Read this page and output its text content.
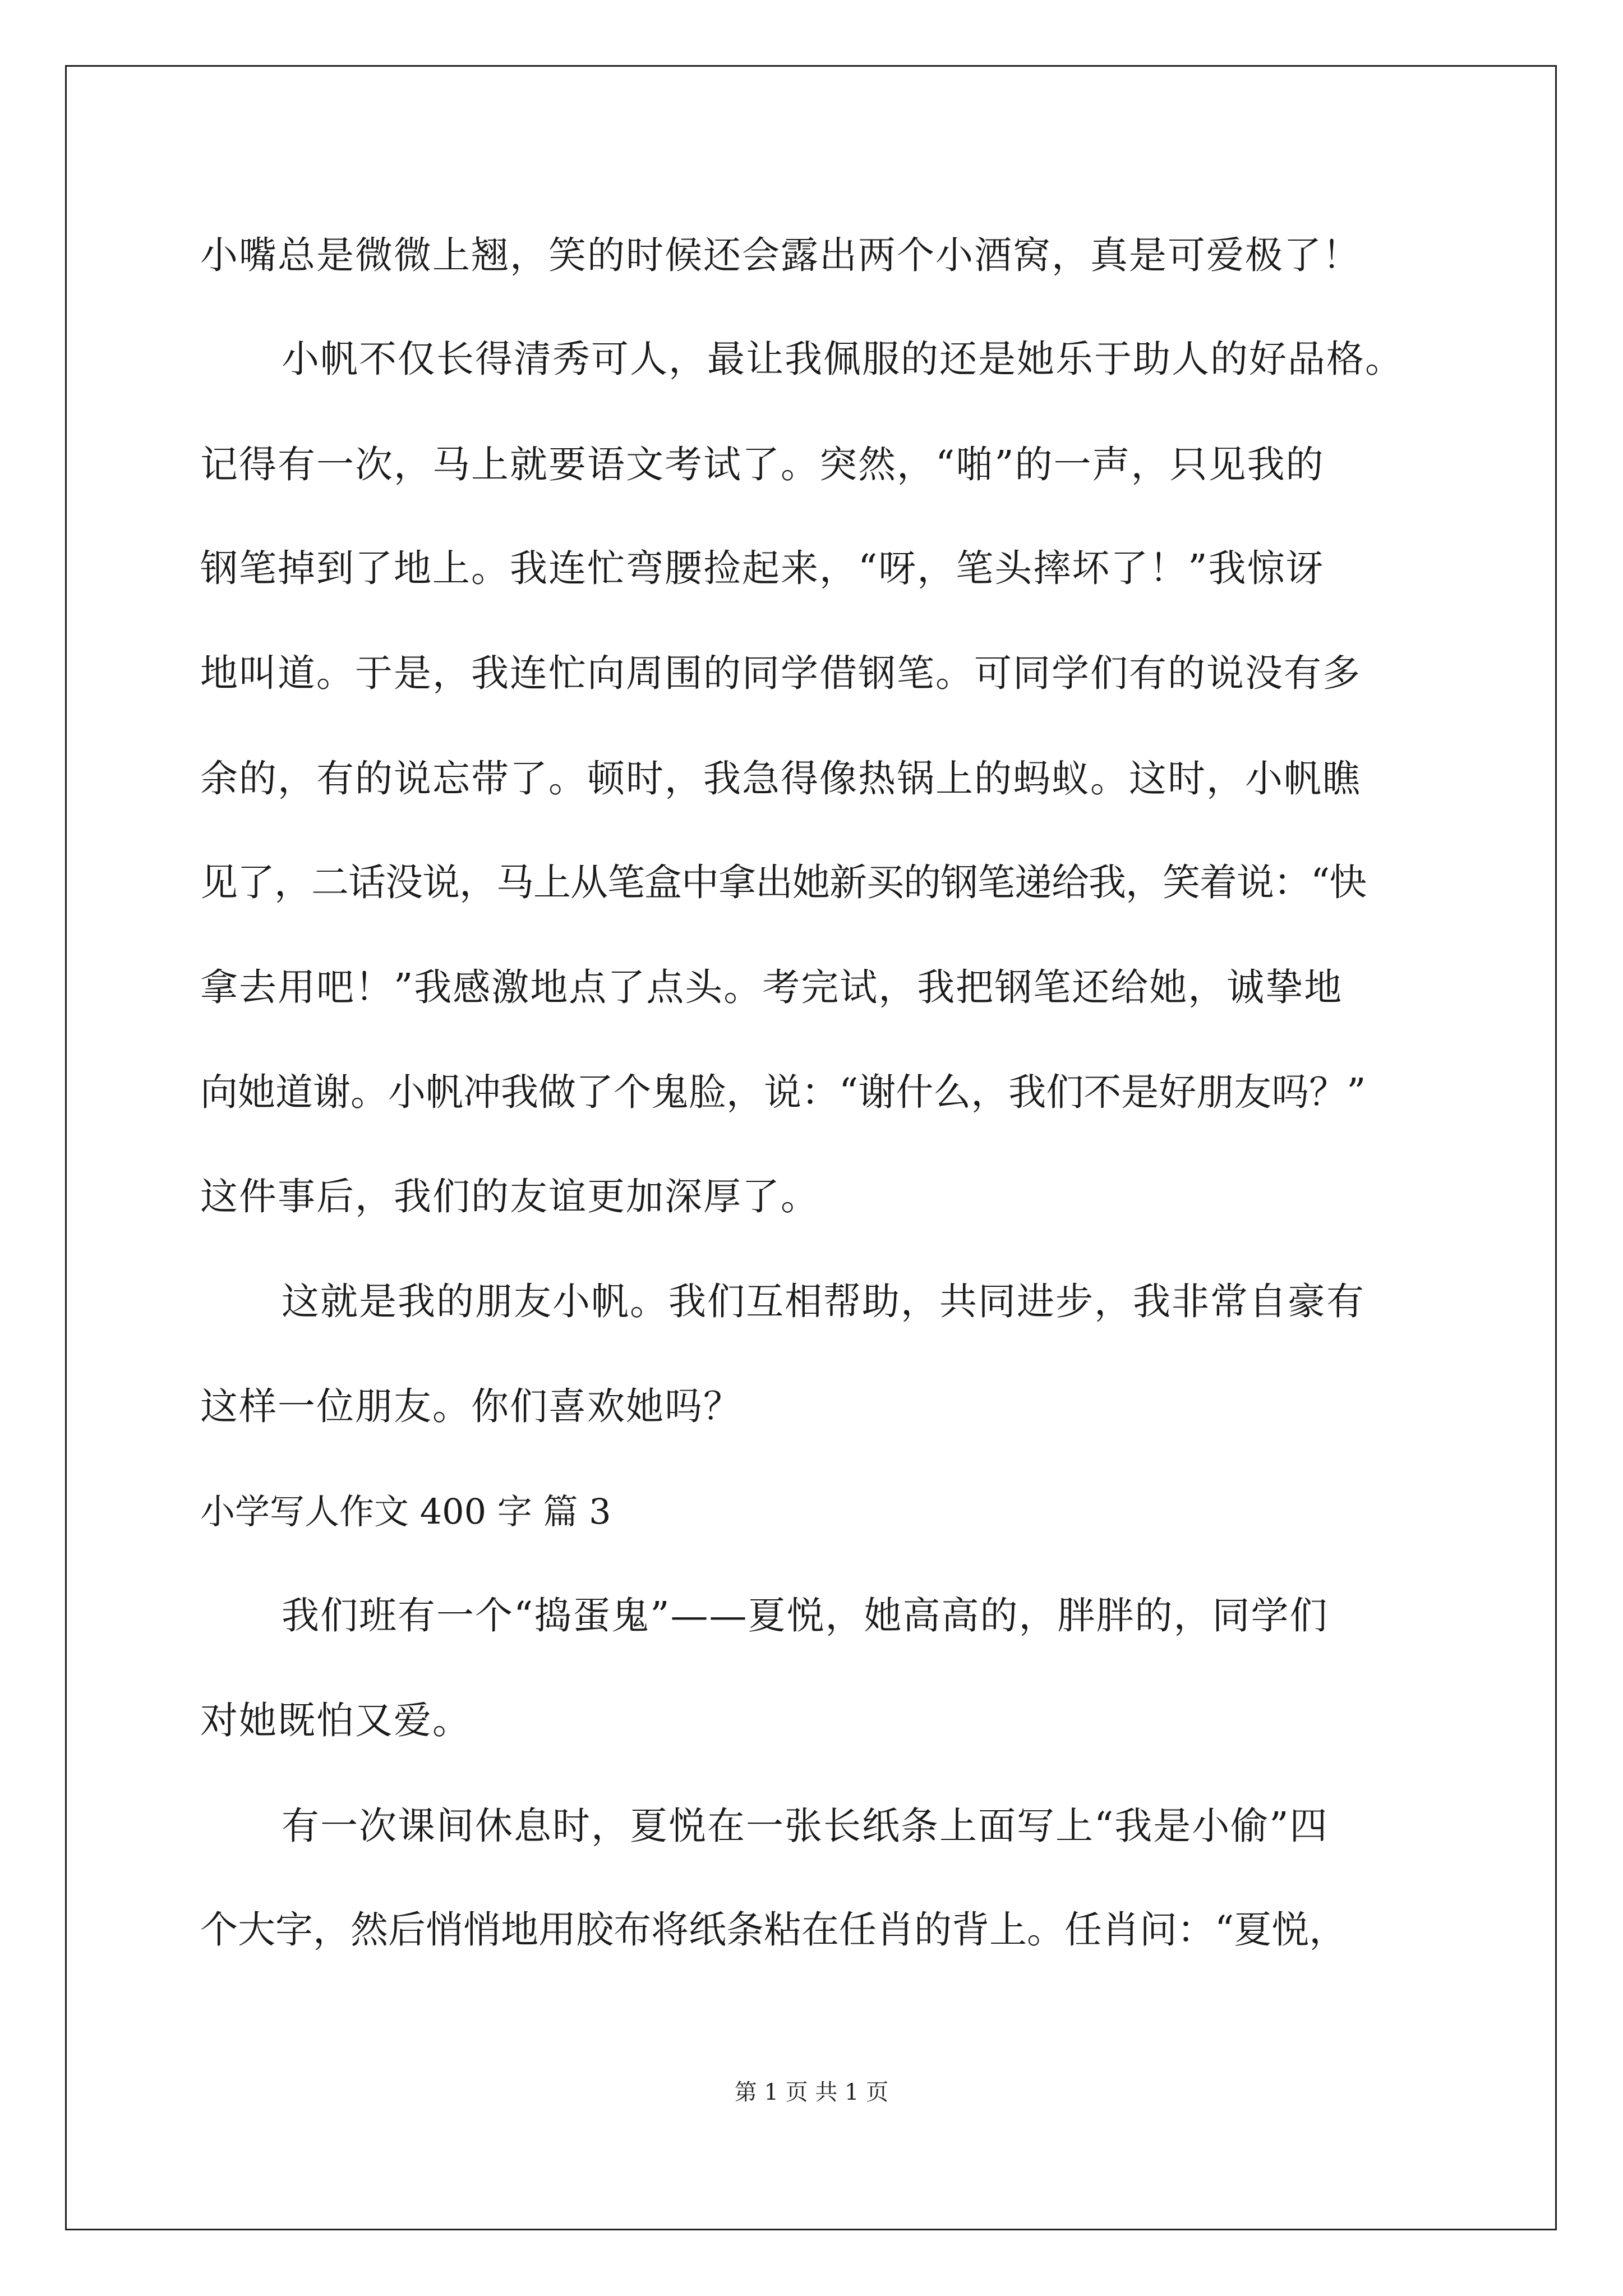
小嘴总是微微上翘，笑的时候还会露出两个小酒窝，真是可爱极了！
小帆不仅长得清秀可人，最让我佩服的还是她乐于助人的好品格。
记得有一次，马上就要语文考试了。突然，“啪”的一声，只见我的
钢笔掉到了地上。我连忙弯腰捡起来，“呀，笔头摔坏了！”我惊讶
地叫道。于是，我连忙向周围的同学借钢笔。可同学们有的说没有多
余的，有的说忘带了。顿时，我急得像热锅上的蚂蚁。这时，小帆瞧
见了，二话没说，马上从笔盒中拿出她新买的钢笔递给我，笑着说：“快
拿去用吧！”我感激地点了点头。考完试，我把钢笔还给她，诚挚地
向她道谢。小帆冲我做了个鬼脸，说：“谢什么，我们不是好朋友吗？”
这件事后，我们的友谊更加深厚了。
这就是我的朋友小帆。我们互相帮助，共同进步，我非常自豪有
这样一位朋友。你们喜欢她吗？
小学写人作文 400 字 篇 3
我们班有一个“捣蛋鬼”——夏悦，她高高的，胖胖的，同学们
对她既怕又爱。
有一次课间休息时，夏悦在一张长纸条上面写上“我是小偷”四
个大字，然后悄悄地用胶布将纸条粘在任肖的背上。任肖问：“夏悦，
第 1 页 共 1 页
